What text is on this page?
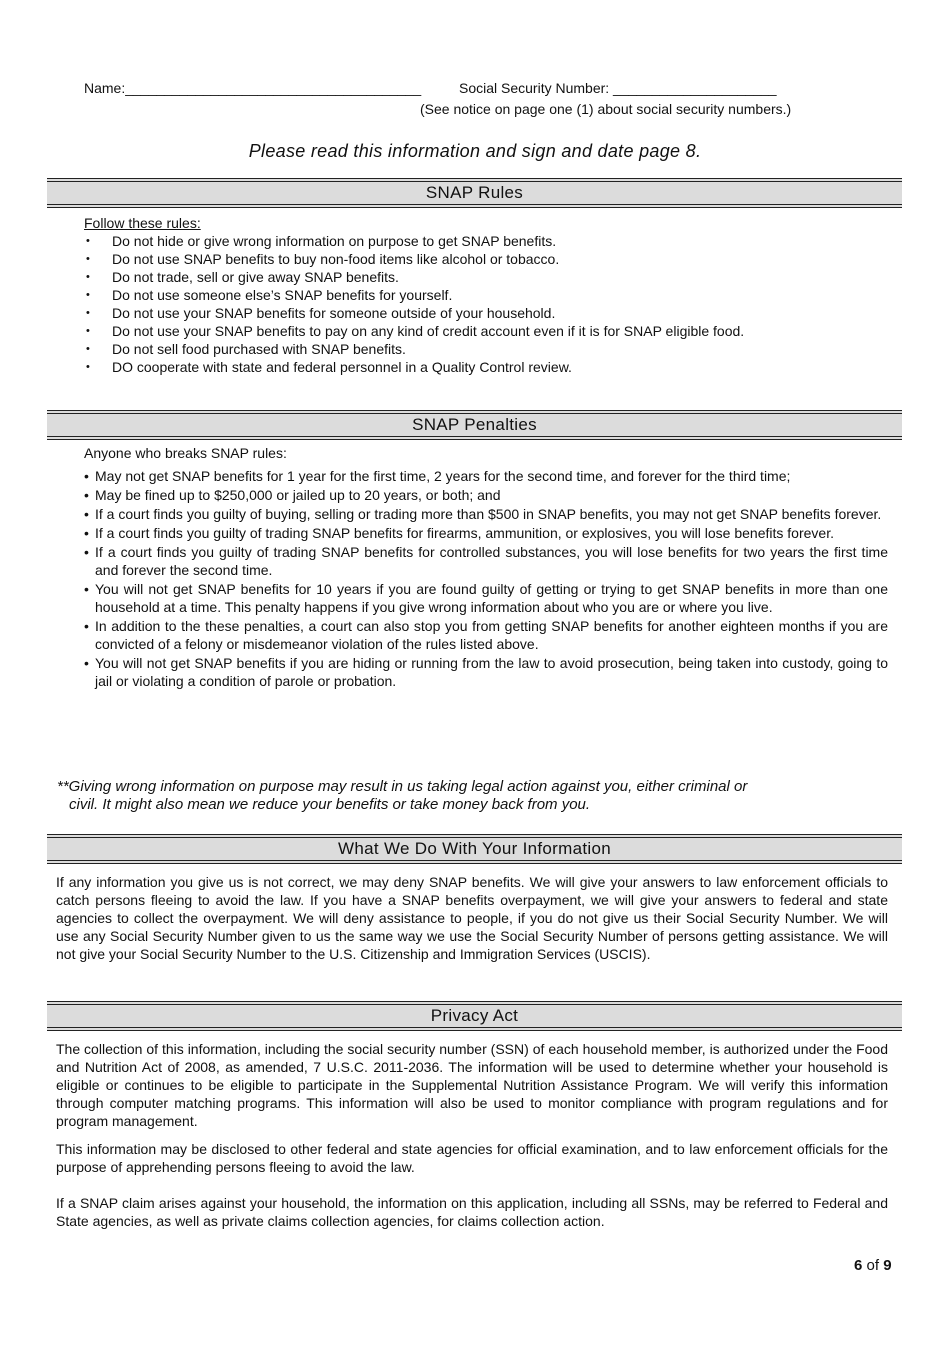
Name:______________________________________	Social Security Number: _____________________
(See notice on page one (1) about social security numbers.)
Please read this information and sign and date page 8.
SNAP Rules
Follow these rules:
• Do not hide or give wrong information on purpose to get SNAP benefits.
• Do not use SNAP benefits to buy non-food items like alcohol or tobacco.
• Do not trade, sell or give away SNAP benefits.
• Do not use someone else’s SNAP benefits for yourself.
• Do not use your SNAP benefits for someone outside of your household.
• Do not use your SNAP benefits to pay on any kind of credit account even if it is for SNAP eligible food.
• Do not sell food purchased with SNAP benefits.
• DO cooperate with state and federal personnel in a Quality Control review.
SNAP Penalties
Anyone who breaks SNAP rules:
• May not get SNAP benefits for 1 year for the first time, 2 years for the second time, and forever for the third time;
• May be fined up to $250,000 or jailed up to 20 years, or both; and
• If a court finds you guilty of buying, selling or trading more than $500 in SNAP benefits, you may not get SNAP benefits forever.
• If a court finds you guilty of trading SNAP benefits for firearms, ammunition, or explosives, you will lose benefits forever.
• If a court finds you guilty of trading SNAP benefits for controlled substances, you will lose benefits for two years the first time and forever the second time.
• You will not get SNAP benefits for 10 years if you are found guilty of getting or trying to get SNAP benefits in more than one household at a time. This penalty happens if you give wrong information about who you are or where you live.
• In addition to the these penalties, a court can also stop you from getting SNAP benefits for another eighteen months if you are convicted of a felony or misdemeanor violation of the rules listed above.
• You will not get SNAP benefits if you are hiding or running from the law to avoid prosecution, being taken into custody, going to jail or violating a condition of parole or probation.
**Giving wrong information on purpose may result in us taking legal action against you, either criminal or
civil. It might also mean we reduce your benefits or take money back from you.
What We Do With Your Information
If any information you give us is not correct, we may deny SNAP benefits. We will give your answers to law enforcement officials to catch persons fleeing to avoid the law. If you have a SNAP benefits overpayment, we will give your answers to federal and state agencies to collect the overpayment. We will deny assistance to people, if you do not give us their Social Security Number. We will use any Social Security Number given to us the same way we use the Social Security Number of persons getting assistance. We will not give your Social Security Number to the U.S. Citizenship and Immigration Services (USCIS).
Privacy Act
The collection of this information, including the social security number (SSN) of each household member, is authorized under the Food and Nutrition Act of 2008, as amended, 7 U.S.C. 2011-2036. The information will be used to determine whether your household is eligible or continues to be eligible to participate in the Supplemental Nutrition Assistance Program. We will verify this information through computer matching programs. This information will also be used to monitor compliance with program regulations and for program management.
This information may be disclosed to other federal and state agencies for official examination, and to law enforcement officials for the purpose of apprehending persons fleeing to avoid the law.
If a SNAP claim arises against your household, the information on this application, including all SSNs, may be referred to Federal and State agencies, as well as private claims collection agencies, for claims collection action.
6 of 9
